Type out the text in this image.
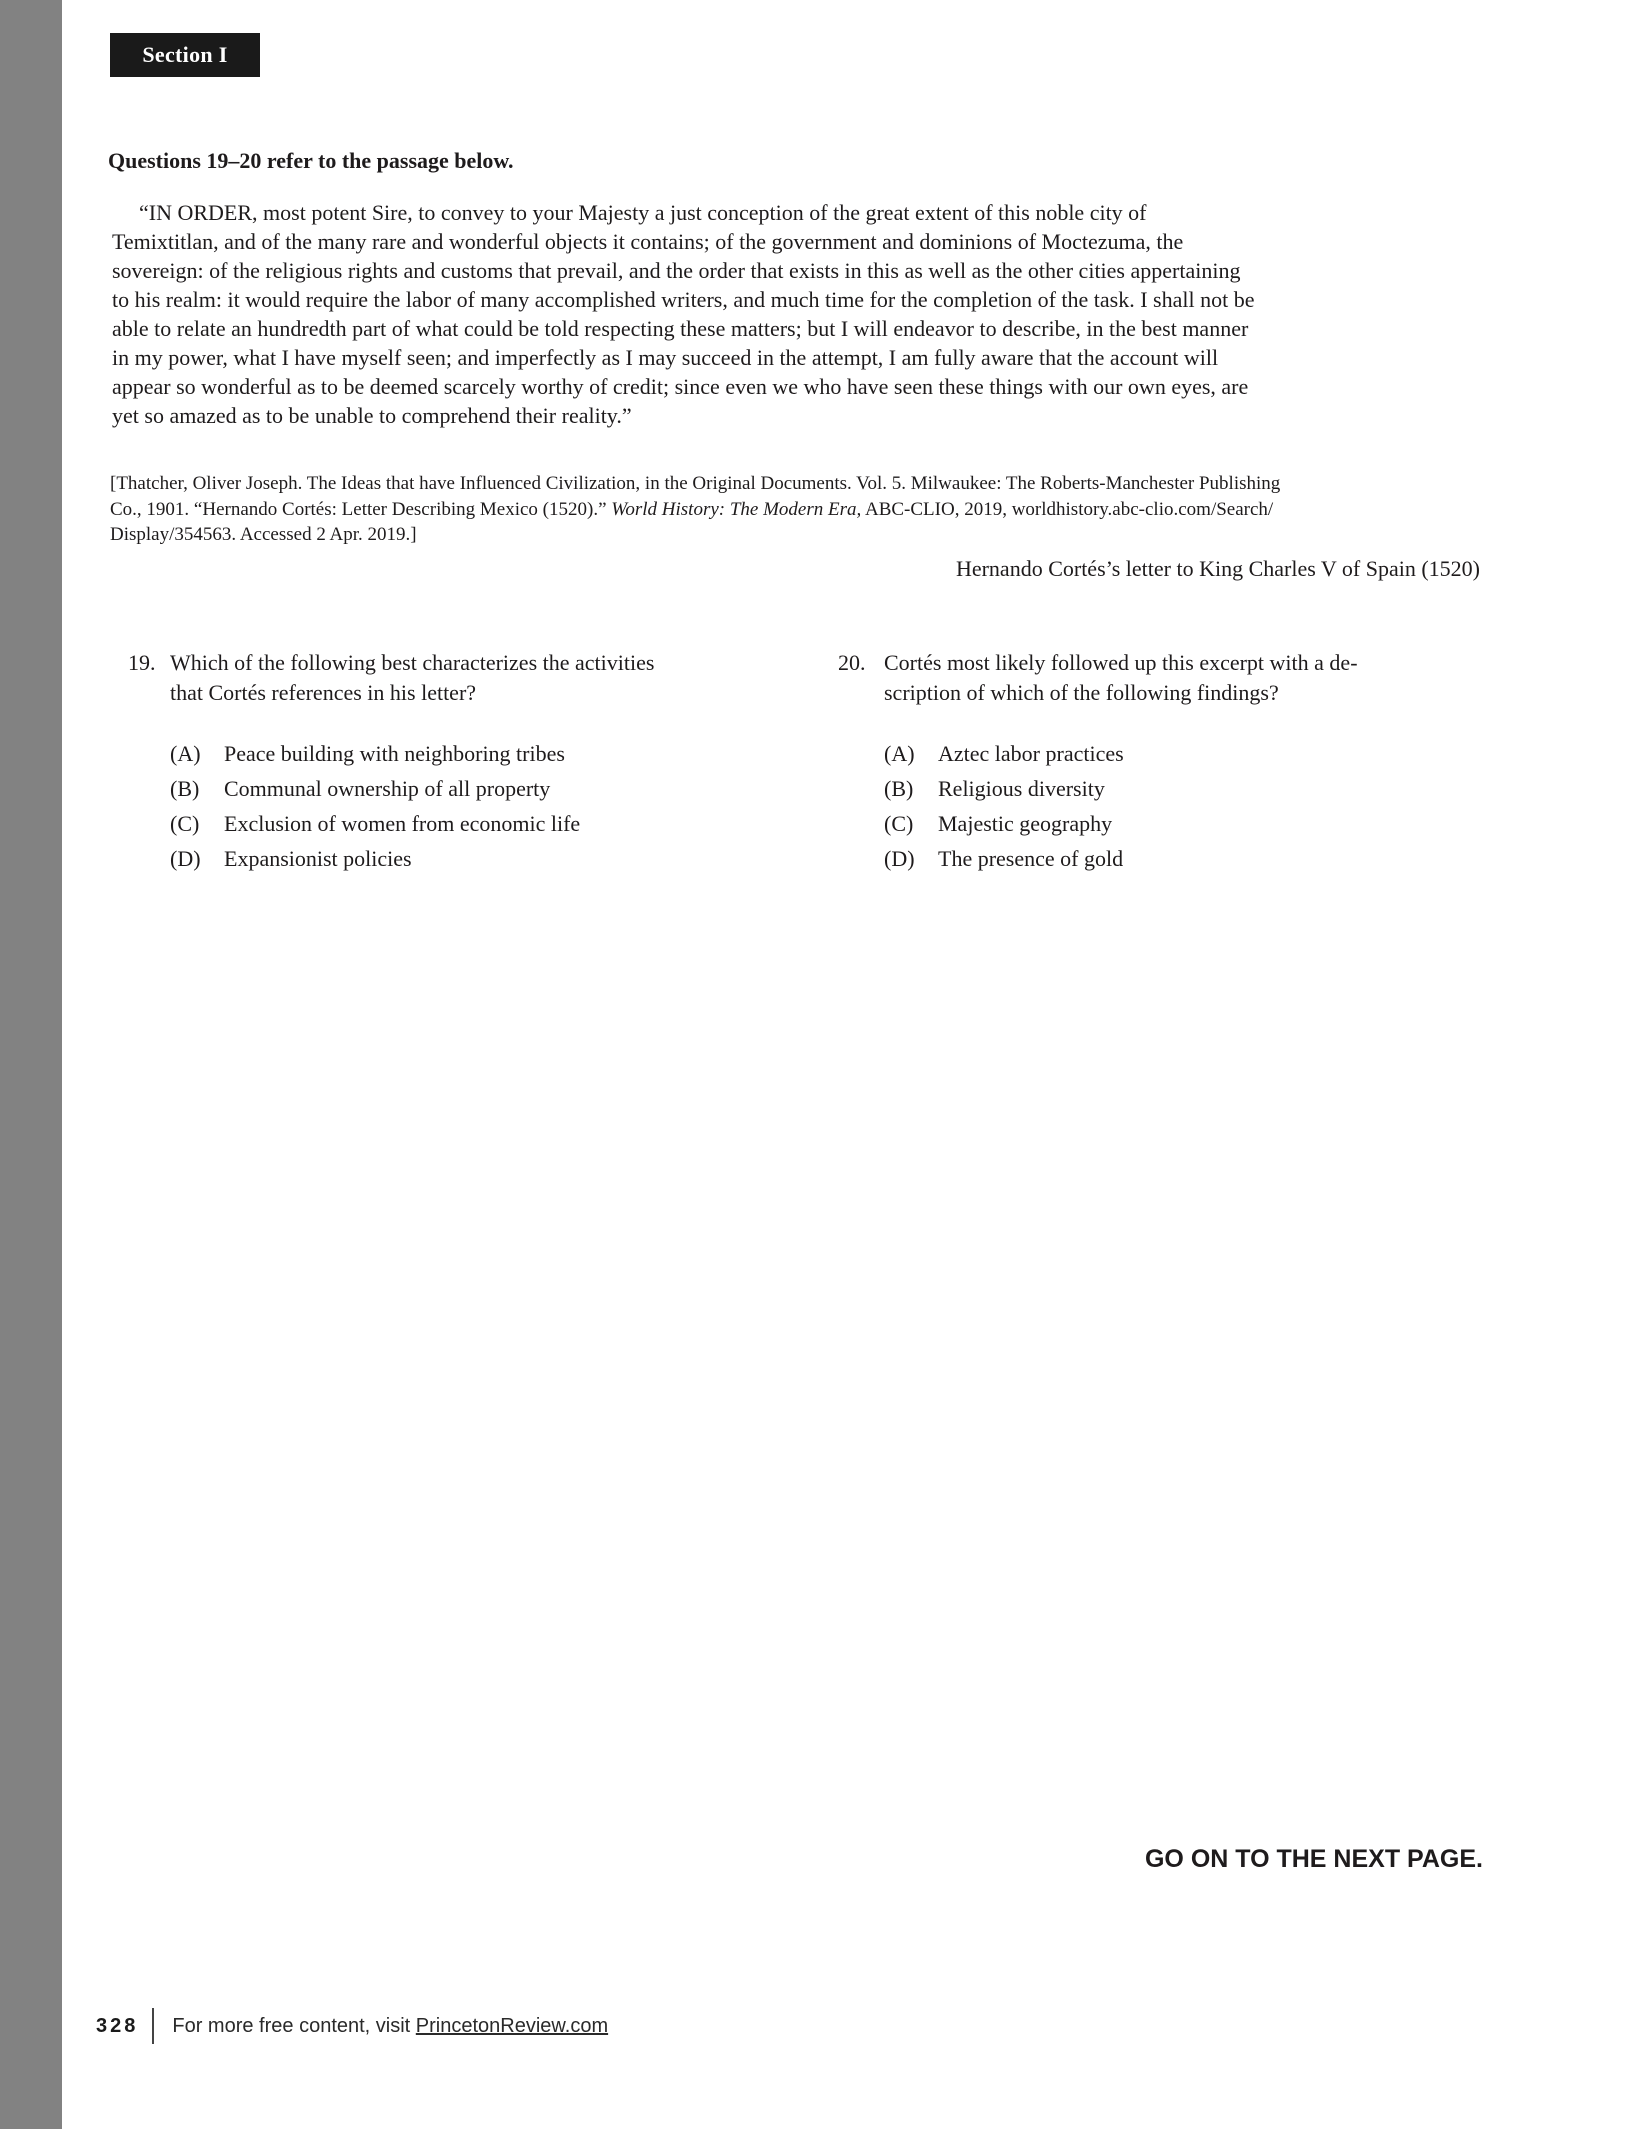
Section I
Questions 19–20 refer to the passage below.
“IN ORDER, most potent Sire, to convey to your Majesty a just conception of the great extent of this noble city of
Temixtitlan, and of the many rare and wonderful objects it contains; of the government and dominions of Moctezuma, the
sovereign: of the religious rights and customs that prevail, and the order that exists in this as well as the other cities appertaining
to his realm: it would require the labor of many accomplished writers, and much time for the completion of the task. I shall not be
able to relate an hundredth part of what could be told respecting these matters; but I will endeavor to describe, in the best manner
in my power, what I have myself seen; and imperfectly as I may succeed in the attempt, I am fully aware that the account will
appear so wonderful as to be deemed scarcely worthy of credit; since even we who have seen these things with our own eyes, are
yet so amazed as to be unable to comprehend their reality.”
[Thatcher, Oliver Joseph. The Ideas that have Influenced Civilization, in the Original Documents. Vol. 5. Milwaukee: The Roberts-Manchester Publishing
Co., 1901. “Hernando Cortés: Letter Describing Mexico (1520).” World History: The Modern Era, ABC-CLIO, 2019, worldhistory.abc-clio.com/Search/
Display/354563. Accessed 2 Apr. 2019.]
Hernando Cortés’s letter to King Charles V of Spain (1520)
19. Which of the following best characterizes the activities
that Cortés references in his letter?
(A)	Peace building with neighboring tribes
(B)	Communal ownership of all property
(C)	Exclusion of women from economic life
(D)	Expansionist policies
20. Cortés most likely followed up this excerpt with a de-
scription of which of the following findings?
(A)	Aztec labor practices
(B)	Religious diversity
(C)	Majestic geography
(D)	The presence of gold
GO ON TO THE NEXT PAGE.
328 For more free content, visit PrincetonReview.com
